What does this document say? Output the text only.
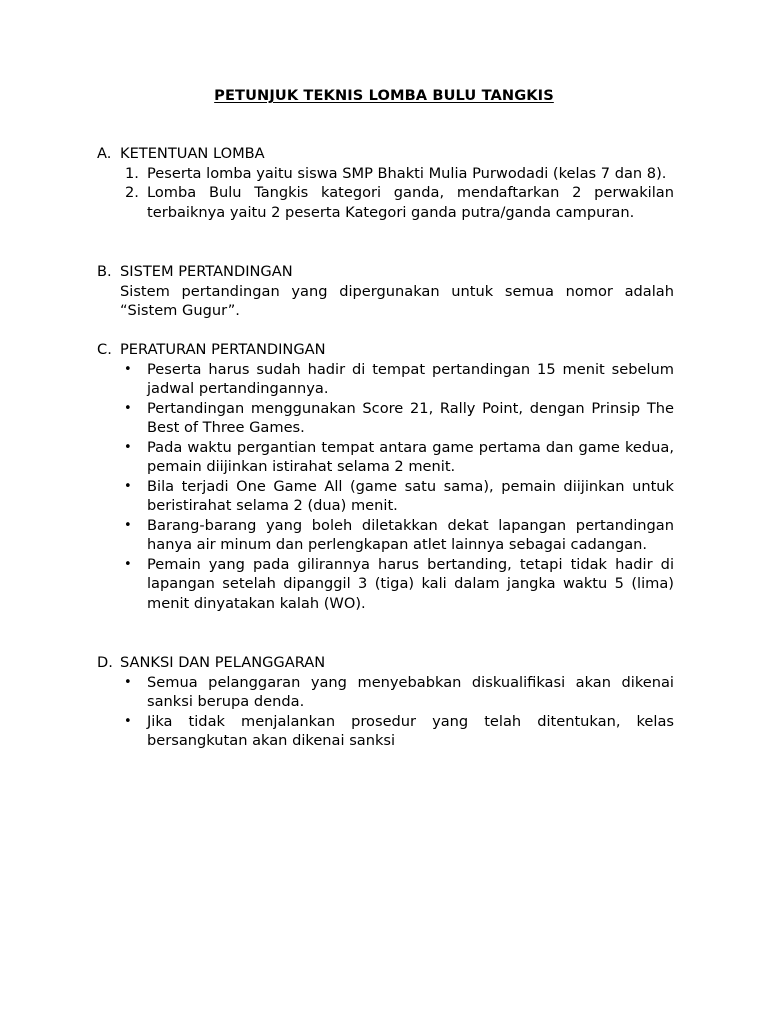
PETUNJUK TEKNIS LOMBA BULU TANGKIS
A. KETENTUAN LOMBA
1. Peserta lomba yaitu siswa SMP Bhakti Mulia Purwodadi (kelas 7 dan 8).
2. Lomba Bulu Tangkis kategori ganda, mendaftarkan 2 perwakilan terbaiknya yaitu 2 peserta Kategori ganda putra/ganda campuran.
B. SISTEM PERTANDINGAN
Sistem pertandingan yang dipergunakan untuk semua nomor adalah “Sistem Gugur”.
C. PERATURAN PERTANDINGAN
• Peserta harus sudah hadir di tempat pertandingan 15 menit sebelum jadwal pertandingannya.
• Pertandingan menggunakan Score 21, Rally Point, dengan Prinsip The Best of Three Games.
• Pada waktu pergantian tempat antara game pertama dan game kedua, pemain diijinkan istirahat selama 2 menit.
• Bila terjadi One Game All (game satu sama), pemain diijinkan untuk beristirahat selama 2 (dua) menit.
• Barang-barang yang boleh diletakkan dekat lapangan pertandingan hanya air minum dan perlengkapan atlet lainnya sebagai cadangan.
• Pemain yang pada gilirannya harus bertanding, tetapi tidak hadir di lapangan setelah dipanggil 3 (tiga) kali dalam jangka waktu 5 (lima) menit dinyatakan kalah (WO).
D. SANKSI DAN PELANGGARAN
• Semua pelanggaran yang menyebabkan diskualifikasi akan dikenai sanksi berupa denda.
• Jika tidak menjalankan prosedur yang telah ditentukan, kelas bersangkutan akan dikenai sanksi
